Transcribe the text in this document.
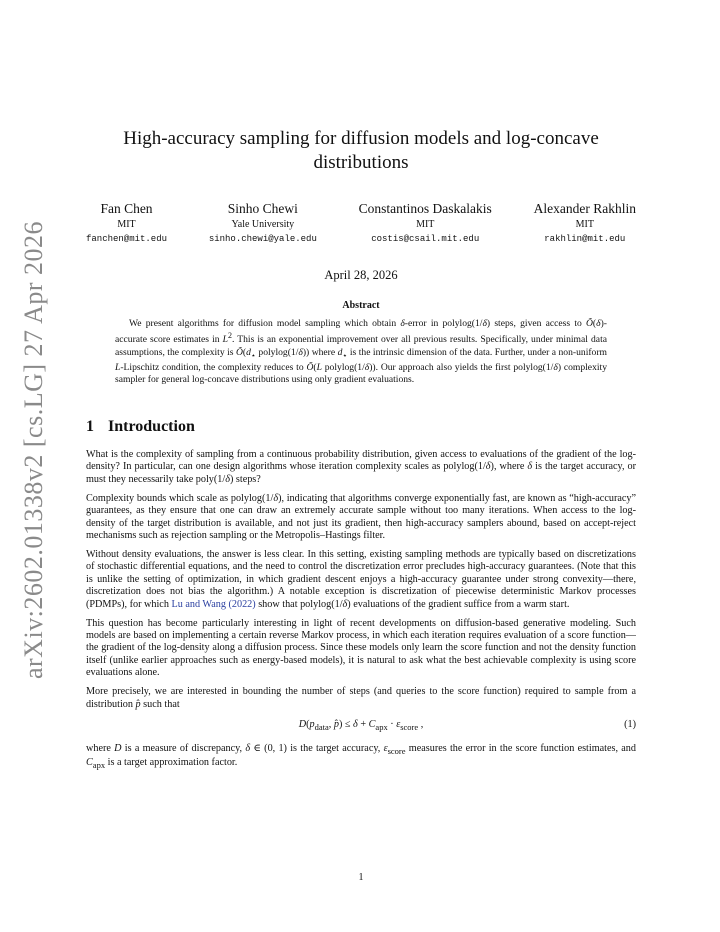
arXiv:2602.01338v2 [cs.LG] 27 Apr 2026
High-accuracy sampling for diffusion models and log-concave distributions
Fan Chen
MIT
fanchen@mit.edu
Sinho Chewi
Yale University
sinho.chewi@yale.edu
Constantinos Daskalakis
MIT
costis@csail.mit.edu
Alexander Rakhlin
MIT
rakhlin@mit.edu
April 28, 2026
Abstract
We present algorithms for diffusion model sampling which obtain δ-error in polylog(1/δ) steps, given access to Õ(δ)-accurate score estimates in $L^2$. This is an exponential improvement over all previous results. Specifically, under minimal data assumptions, the complexity is $Õ(d_⋆$ polylog(1/δ)) where $d_⋆$ is the intrinsic dimension of the data. Further, under a non-uniform L-Lipschitz condition, the complexity reduces to Õ(L polylog(1/δ)). Our approach also yields the first polylog(1/δ) complexity sampler for general log-concave distributions using only gradient evaluations.
1 Introduction

What is the complexity of sampling from a continuous probability distribution, given access to evaluations of the gradient of the log-density? In particular, can one design algorithms whose iteration complexity scales as polylog(1/δ), where δ is the target accuracy, or must they necessarily take poly(1/δ) steps?

Complexity bounds which scale as polylog(1/δ), indicating that algorithms converge exponentially fast, are known as “high-accuracy” guarantees, as they ensure that one can draw an extremely accurate sample without too many iterations. When access to the log-density of the target distribution is available, and not just its gradient, then high-accuracy samplers abound, based on accept-reject mechanisms such as rejection sampling or the Metropolis–Hastings filter.

Without density evaluations, the answer is less clear. In this setting, existing sampling methods are typically based on discretizations of stochastic differential equations, and the need to control the discretization error precludes high-accuracy guarantees. (Note that this is unlike the setting of optimization, in which gradient descent enjoys a high-accuracy guarantee under strong convexity—there, discretization does not bias the algorithm.) A notable exception is discretization of piecewise deterministic Markov processes (PDMPs), for which Lu and Wang (2022) show that polylog(1/δ) evaluations of the gradient suffice from a warm start.

This question has become particularly interesting in light of recent developments on diffusion-based generative modeling. Such models are based on implementing a certain reverse Markov process, in which each iteration requires evaluation of a score function—the gradient of the log-density along a diffusion process. Since these models only learn the score function and not the density function itself (unlike earlier approaches such as energy-based models), it is natural to ask what the best achievable complexity is using score evaluations alone.

More precisely, we are interested in bounding the number of steps (and queries to the score function) required to sample from a distribution p̂ such that

$D(p_{data}$, p̂) ≤ $\delta + C_{apx} \cdot \varepsilon_{score}$ ,	(1)

where D is a measure of discrepancy, δ ∈ (0, 1) is the target accuracy, $\varepsilon_{score}$ measures the error in the score function estimates, and $C_{apx}$ is a target approximation factor.

1
